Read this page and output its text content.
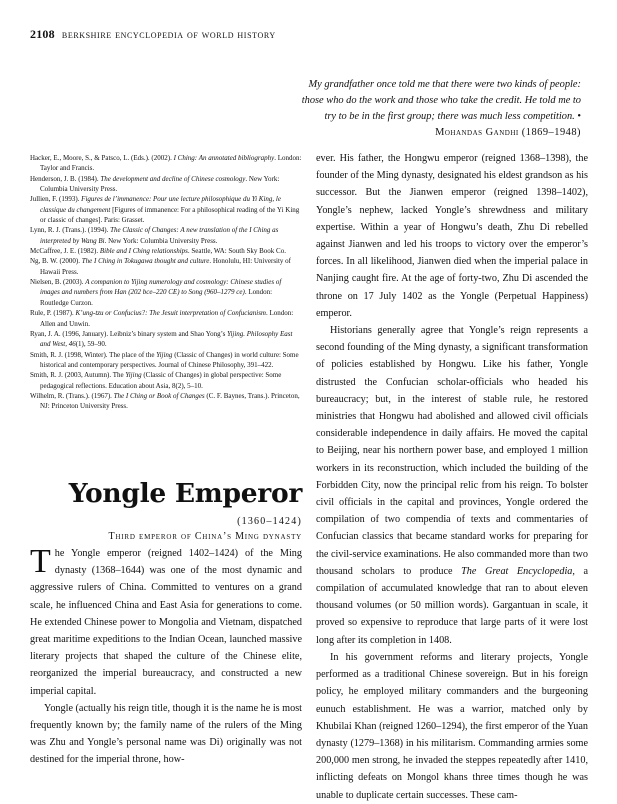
2108 berkshire encyclopedia of world history
My grandfather once told me that there were two kinds of people: those who do the work and those who take the credit. He told me to try to be in the first group; there was much less competition. • Mohandas Gandhi (1869–1948)

Hacker, E., Moore, S., & Patsco, L. (Eds.). (2002). I Ching: An annotated bibliography. London: Taylor and Francis.

Henderson, J. B. (1984). The development and decline of Chinese cosmology. New York: Columbia University Press.

Jullien, F. (1993). Figures de l’immanence: Pour une lecture philosophique du Yi King, le classique du changement [Figures of immanence: For a philosophical reading of the Yi King or classic of changes]. Paris: Grasset.

Lynn, R. J. (Trans.). (1994). The Classic of Changes: A new translation of the I Ching as interpreted by Wang Bi. New York: Columbia University Press.

McCaffree, J. E. (1982). Bible and I Ching relationships. Seattle, WA: South Sky Book Co.

Ng, B. W. (2000). The I Ching in Tokugawa thought and culture. Honolulu, HI: University of Hawaii Press.

Nielsen, B. (2003). A companion to Yijing numerology and cosmology: Chinese studies of images and numbers from Han (202 bce–220 CE) to Song (960–1279 ce). London: Routledge Curzon.

Rule, P. (1987). K’ung-tzu or Confucius?: The Jesuit interpretation of Confucianism. London: Allen and Unwin.

Ryan, J. A. (1996, January). Leibniz’s binary system and Shao Yong’s Yijing. Philosophy East and West, 46(1), 59–90.

Smith, R. J. (1998, Winter). The place of the Yijing (Classic of Changes) in world culture: Some historical and contemporary perspectives. Journal of Chinese Philosophy, 391–422.

Smith, R. J. (2003, Autumn). The Yijing (Classic of Changes) in global perspective: Some pedagogical reflections. Education about Asia, 8(2), 5–10.

Wilhelm, R. (Trans.). (1967). The I Ching or Book of Changes (C. F. Baynes, Trans.). Princeton, NJ: Princeton University Press.

Yongle Emperor
(1360–1424)
Third emperor of China’s Ming dynasty

The Yongle emperor (reigned 1402–1424) of the Ming dynasty (1368–1644) was one of the most dynamic and aggressive rulers of China. Committed to ventures on a grand scale, he influenced China and East Asia for generations to come. He extended Chinese power to Mongolia and Vietnam, dispatched great maritime expeditions to the Indian Ocean, launched massive literary projects that shaped the culture of the Chinese elite, reorganized the imperial bureaucracy, and constructed a new imperial capital.

Yongle (actually his reign title, though it is the name he is most frequently known by; the family name of the rulers of the Ming was Zhu and Yongle’s personal name was Di) originally was not destined for the imperial throne, how-

ever. His father, the Hongwu emperor (reigned 1368–1398), the founder of the Ming dynasty, designated his eldest grandson as his successor. But the Jianwen emperor (reigned 1398–1402), Yongle’s nephew, lacked Yongle’s shrewdness and military expertise. Within a year of Hongwu’s death, Zhu Di rebelled against Jianwen and led his troops to victory over the emperor’s forces. In all likelihood, Jianwen died when the imperial palace in Nanjing caught fire. At the age of forty-two, Zhu Di ascended the throne on 17 July 1402 as the Yongle (Perpetual Happiness) emperor.

Historians generally agree that Yongle’s reign represents a second founding of the Ming dynasty, a significant transformation of policies established by Hongwu. Like his father, Yongle distrusted the Confucian scholar-officials who headed his bureaucracy; but, in the interest of stable rule, he restored ministries that Hongwu had abolished and allowed civil officials considerable independence in daily affairs. He moved the capital to Beijing, near his northern power base, and employed 1 million workers in its reconstruction, which included the building of the Forbidden City, now the principal relic from his reign. To bolster civil officials in the capital and provinces, Yongle ordered the compilation of two compendia of texts and commentaries of Confucian classics that became standard works for preparing for the civil-service examinations. He also commanded more than two thousand scholars to produce The Great Encyclopedia, a compilation of accumulated knowledge that ran to about eleven thousand volumes (or 50 million words). Gargantuan in scale, it proved so expensive to reproduce that large parts of it were lost long after its completion in 1408.

In his government reforms and literary projects, Yongle performed as a traditional Chinese sovereign. But in his foreign policy, he employed military commanders and the burgeoning eunuch establishment. He was a warrior, matched only by Khubilai Khan (reigned 1260–1294), the first emperor of the Yuan dynasty (1279–1368) in his militarism. Commanding armies some 200,000 men strong, he invaded the steppes repeatedly after 1410, inflicting defeats on Mongol khans three times though he was unable to duplicate certain successes. These cam-
